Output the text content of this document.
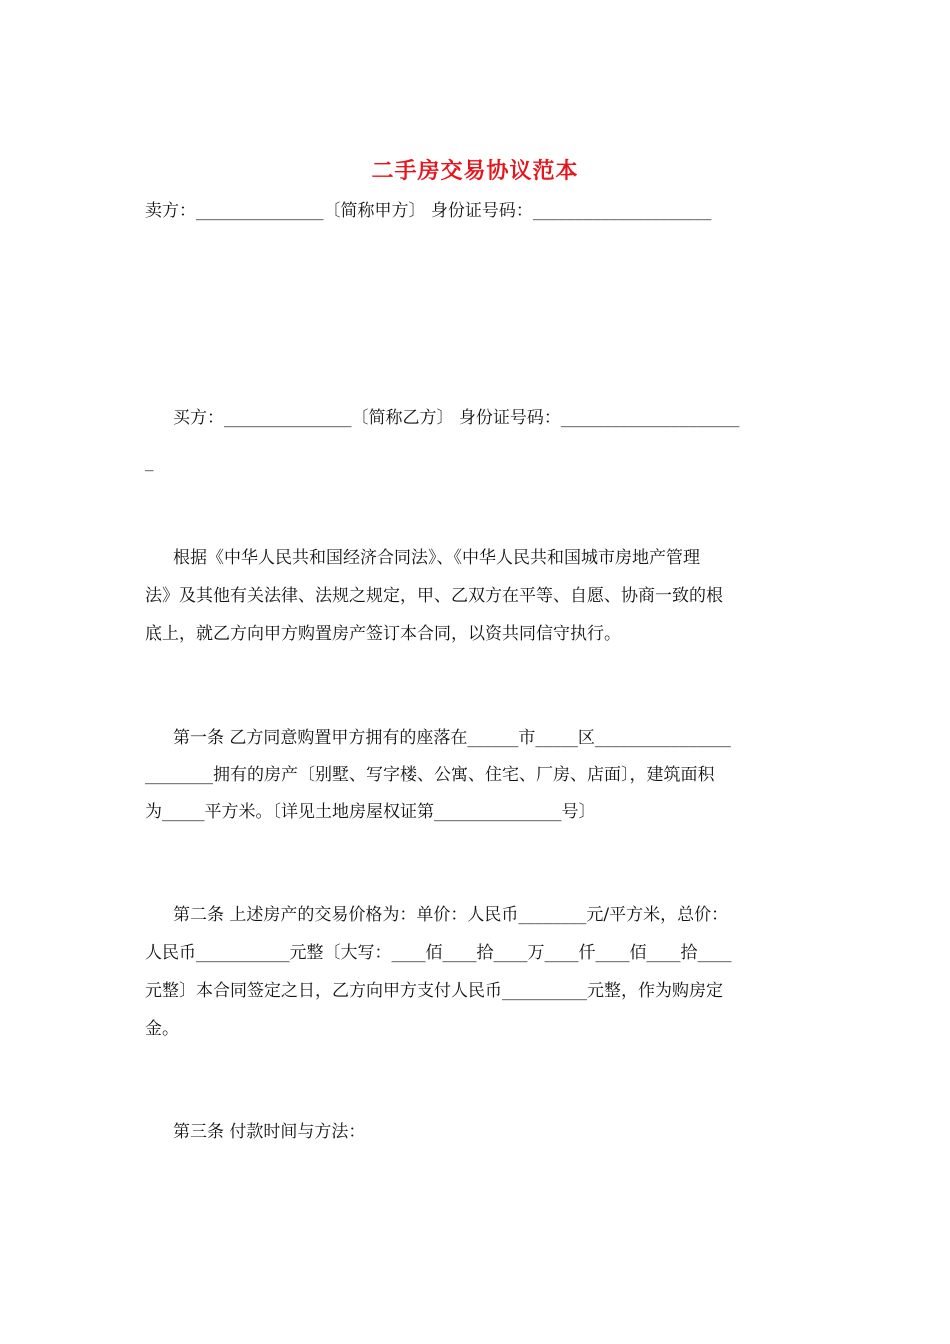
二手房交易协议范本
卖方：_______________〔简称甲方〕 身份证号码：_____________________
买方：_______________〔简称乙方〕 身份证号码：_____________________
_
根据《中华人民共和国经济合同法》、《中华人民共和国城市房地产管理
法》及其他有关法律、法规之规定，甲、乙双方在平等、自愿、协商一致的根
底上，就乙方向甲方购置房产签订本合同，以资共同信守执行。
第一条 乙方同意购置甲方拥有的座落在______市_____区________________
________拥有的房产〔别墅、写字楼、公寓、住宅、厂房、店面〕，建筑面积
为_____平方米。〔详见土地房屋权证第_______________号〕
第二条 上述房产的交易价格为：单价：人民币________元/平方米，总价：
人民币___________元整〔大写：____佰____拾____万____仟____佰____拾____
元整〕本合同签定之日，乙方向甲方支付人民币__________元整，作为购房定
金。
第三条 付款时间与方法：
